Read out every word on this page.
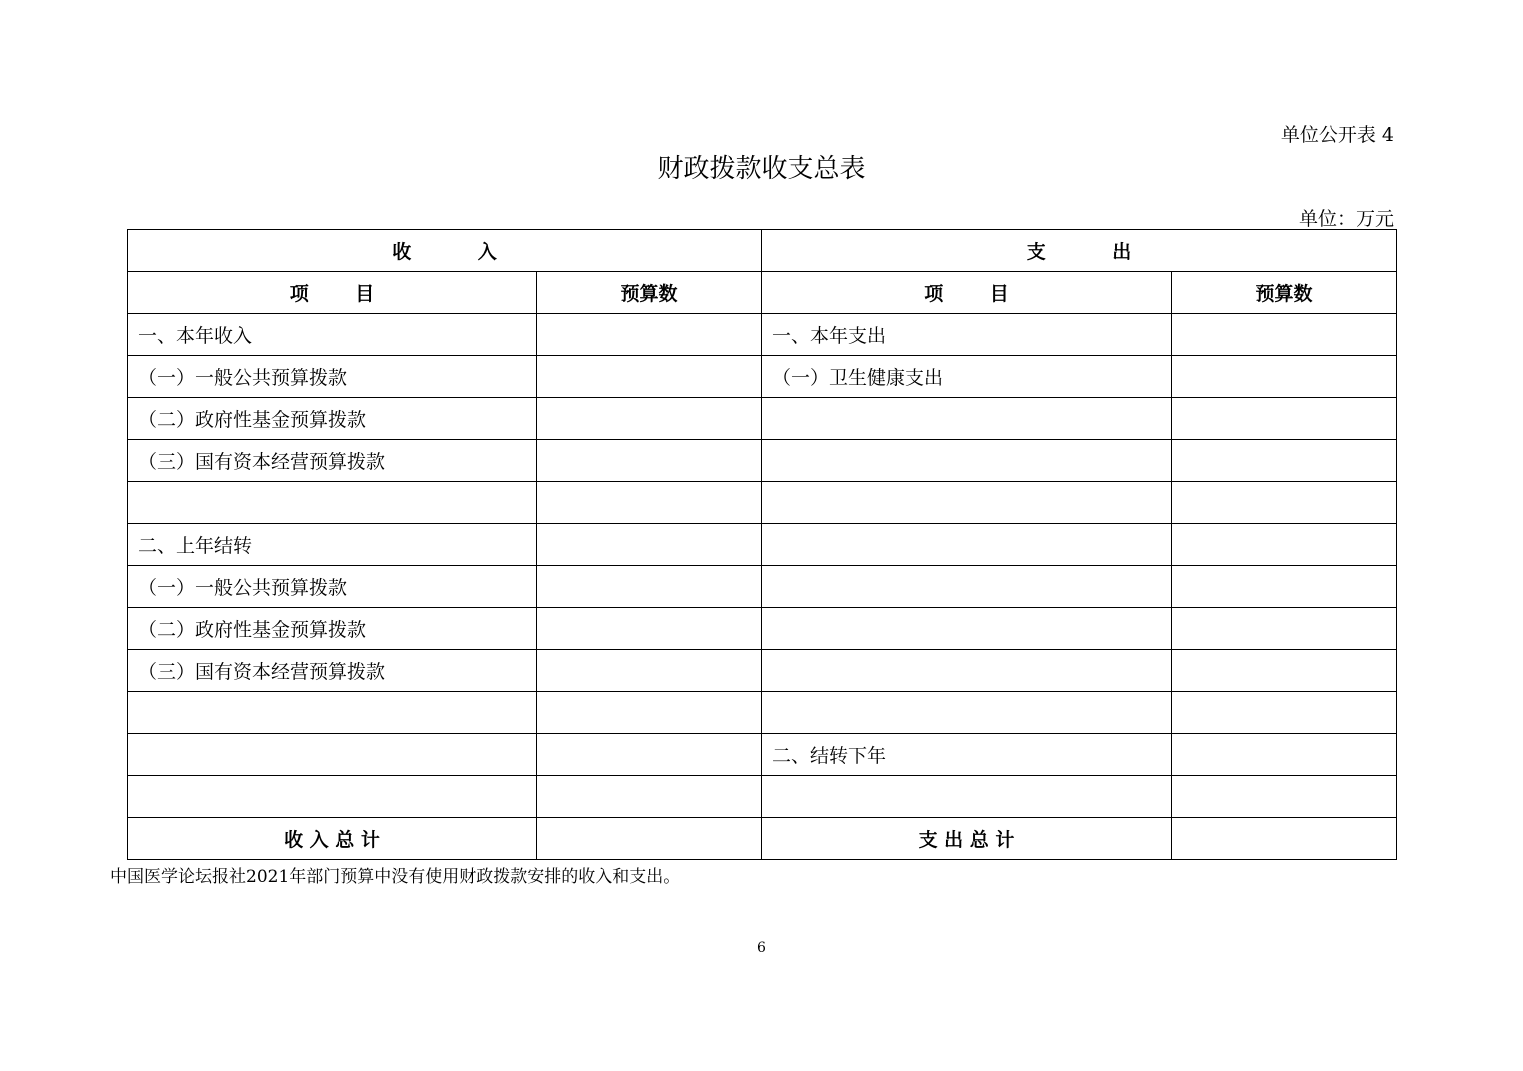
单位公开表 4
财政拨款收支总表
单位：万元
收 入		支 出	
项 目	预算数	项 目	预算数
一、本年收入		一、本年支出	
（一）一般公共预算拨款		（一）卫生健康支出	
（二）政府性基金预算拨款			
（三）国有资本经营预算拨款			

二、上年结转			
（一）一般公共预算拨款			
（二）政府性基金预算拨款			
（三）国有资本经营预算拨款			

		二、结转下年	

收 入 总 计		支 出 总 计	
中国医学论坛报社2021年部门预算中没有使用财政拨款安排的收入和支出。
6
